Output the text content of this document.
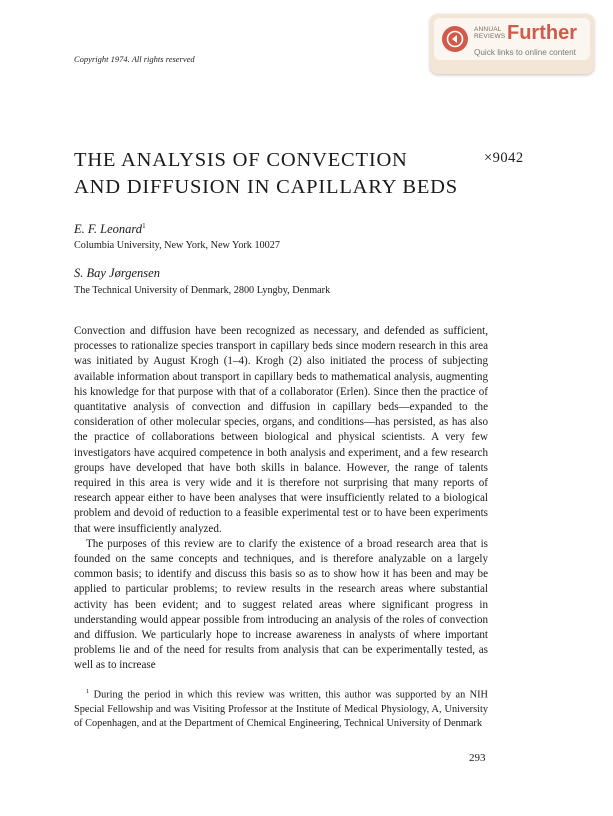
Copyright 1974. All rights reserved
ANNUAL
REVIEWS Further
Quick links to online content
THE ANALYSIS OF CONVECTION
AND DIFFUSION IN CAPILLARY BEDS
×9042
E. F. Leonard$^1$
Columbia University, New York, New York 10027
S. Bay Jørgensen
The Technical University of Denmark, 2800 Lyngby, Denmark

Convection and diffusion have been recognized as necessary, and defended as sufficient, processes to rationalize species transport in capillary beds since modern research in this area was initiated by August Krogh (1–4). Krogh (2) also initiated the process of subjecting available information about transport in capillary beds to mathematical analysis, augmenting his knowledge for that purpose with that of a collaborator (Erlen). Since then the practice of quantitative analysis of convection and diffusion in capillary beds—expanded to the consideration of other molecular species, organs, and conditions—has persisted, as has also the practice of collaborations between biological and physical scientists. A very few investigators have acquired competence in both analysis and experiment, and a few research groups have developed that have both skills in balance. However, the range of talents required in this area is very wide and it is therefore not surprising that many reports of research appear either to have been analyses that were insufficiently related to a biological problem and devoid of reduction to a feasible experimental test or to have been experiments that were insufficiently analyzed.

The purposes of this review are to clarify the existence of a broad research area that is founded on the same concepts and techniques, and is therefore analyzable on a largely common basis; to identify and discuss this basis so as to show how it has been and may be applied to particular problems; to review results in the research areas where substantial activity has been evident; and to suggest related areas where significant progress in understanding would appear possible from introducing an analysis of the roles of convection and diffusion. We particularly hope to increase awareness in analysts of where important problems lie and of the need for results from analysis that can be experimentally tested, as well as to increase

$^1$ During the period in which this review was written, this author was supported by an NIH Special Fellowship and was Visiting Professor at the Institute of Medical Physiology, A, University of Copenhagen, and at the Department of Chemical Engineering, Technical University of Denmark
293
